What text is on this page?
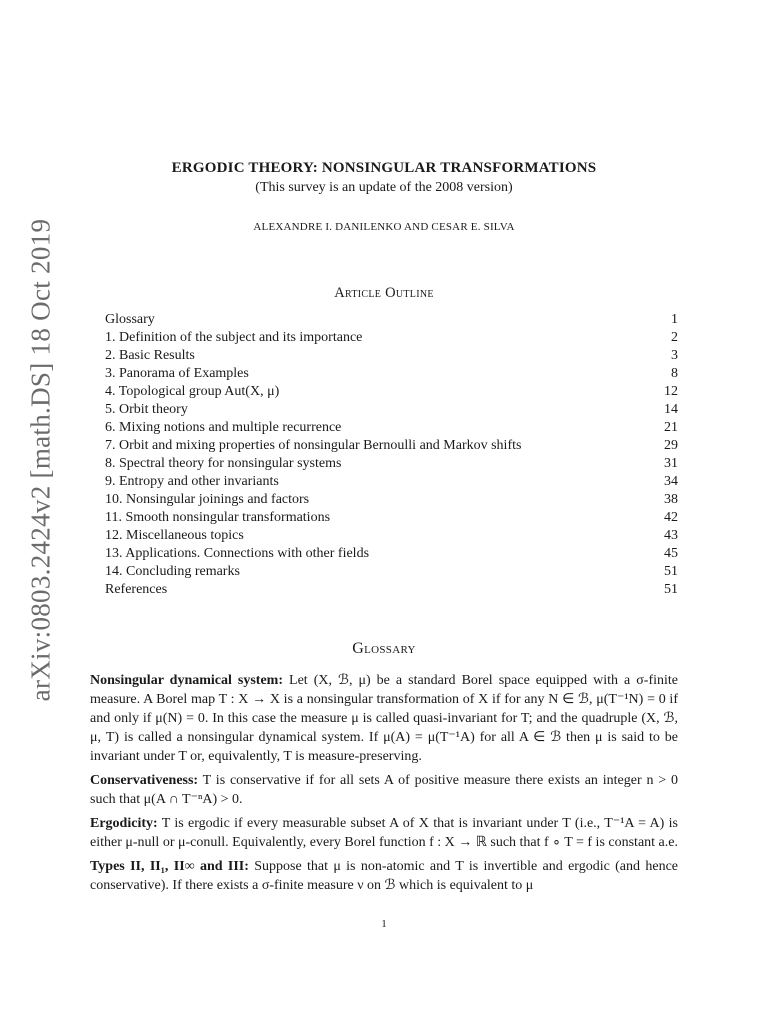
arXiv:0803.2424v2 [math.DS] 18 Oct 2019
ERGODIC THEORY: NONSINGULAR TRANSFORMATIONS
(This survey is an update of the 2008 version)
ALEXANDRE I. DANILENKO AND CESAR E. SILVA
Article Outline
Glossary	1
1. Definition of the subject and its importance	2
2. Basic Results	3
3. Panorama of Examples	8
4. Topological group Aut(X, μ)	12
5. Orbit theory	14
6. Mixing notions and multiple recurrence	21
7. Orbit and mixing properties of nonsingular Bernoulli and Markov shifts	29
8. Spectral theory for nonsingular systems	31
9. Entropy and other invariants	34
10. Nonsingular joinings and factors	38
11. Smooth nonsingular transformations	42
12. Miscellaneous topics	43
13. Applications. Connections with other fields	45
14. Concluding remarks	51
References	51
Glossary

Nonsingular dynamical system: Let (X, ℬ, μ) be a standard Borel space equipped with a σ-finite measure. A Borel map T : X → X is a nonsingular transformation of X if for any N ∈ ℬ, μ(T⁻¹N) = 0 if and only if μ(N) = 0. In this case the measure μ is called quasi-invariant for T; and the quadruple (X, ℬ, μ, T) is called a nonsingular dynamical system. If μ(A) = μ(T⁻¹A) for all A ∈ ℬ then μ is said to be invariant under T or, equivalently, T is measure-preserving.

Conservativeness: T is conservative if for all sets A of positive measure there exists an integer n > 0 such that μ(A ∩ T⁻ⁿA) > 0.

Ergodicity: T is ergodic if every measurable subset A of X that is invariant under T (i.e., T⁻¹A = A) is either μ-null or μ-conull. Equivalently, every Borel function f : X → ℝ such that f ∘ T = f is constant a.e.

Types II, II₁, II∞ and III: Suppose that μ is non-atomic and T is invertible and ergodic (and hence conservative). If there exists a σ-finite measure ν on ℬ which is equivalent to μ

1
